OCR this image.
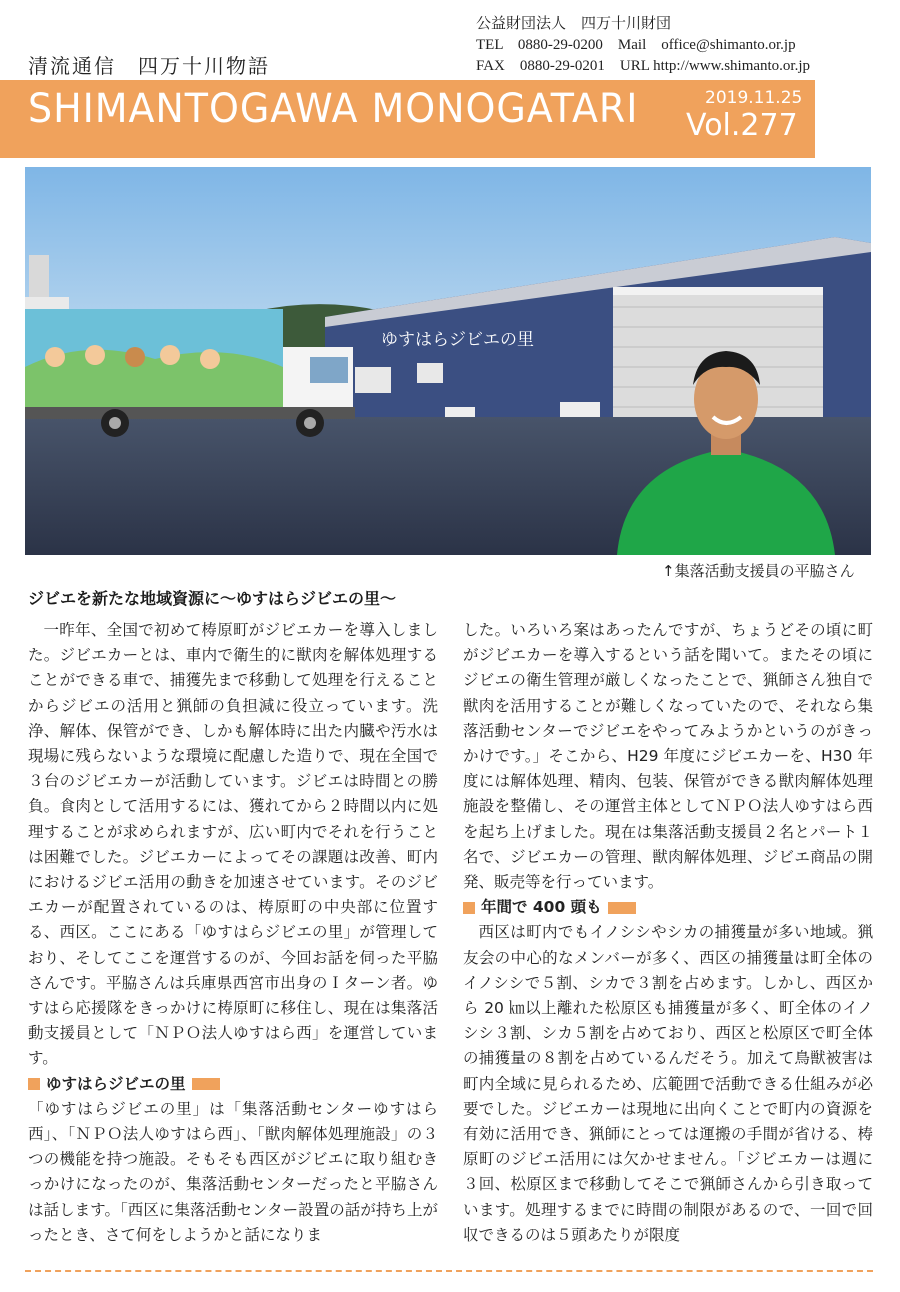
清流通信　四万十川物語
公益財団法人　四万十川財団
TEL　0880-29-0200　Mail　office@shimanto.or.jp
FAX　0880-29-0201　URL http://www.shimanto.or.jp
SHIMANTOGAWA MONOGATARI	2019.11.25
Vol.277
ゆすはらジビエの里
↑集落活動支援員の平脇さん
ジビエを新たな地域資源に～ゆすはらジビエの里～

一昨年、全国で初めて梼原町がジビエカーを導入しました。ジビエカーとは、車内で衛生的に獣肉を解体処理することができる車で、捕獲先まで移動して処理を行えることからジビエの活用と猟師の負担減に役立っています。洗浄、解体、保管ができ、しかも解体時に出た内臓や汚水は現場に残らないような環境に配慮した造りで、現在全国で３台のジビエカーが活動しています。ジビエは時間との勝負。食肉として活用するには、獲れてから２時間以内に処理することが求められますが、広い町内でそれを行うことは困難でした。ジビエカーによってその課題は改善、町内におけるジビエ活用の動きを加速させています。そのジビエカーが配置されているのは、梼原町の中央部に位置する、西区。ここにある「ゆすはらジビエの里」が管理しており、そしてここを運営するのが、今回お話を伺った平脇さんです。平脇さんは兵庫県西宮市出身のＩターン者。ゆすはら応援隊をきっかけに梼原町に移住し、現在は集落活動支援員として「ＮＰＯ法人ゆすはら西」を運営しています。

ゆすはらジビエの里

「ゆすはらジビエの里」は「集落活動センターゆすはら西」、「ＮＰＯ法人ゆすはら西」、「獣肉解体処理施設」の３つの機能を持つ施設。そもそも西区がジビエに取り組むきっかけになったのが、集落活動センターだったと平脇さんは話します。「西区に集落活動センター設置の話が持ち上がったとき、さて何をしようかと話になりま

した。いろいろ案はあったんですが、ちょうどその頃に町がジビエカーを導入するという話を聞いて。またその頃にジビエの衛生管理が厳しくなったことで、猟師さん独自で獣肉を活用することが難しくなっていたので、それなら集落活動センターでジビエをやってみようかというのがきっかけです。」そこから、H29 年度にジビエカーを、H30 年度には解体処理、精肉、包装、保管ができる獣肉解体処理施設を整備し、その運営主体としてＮＰＯ法人ゆすはら西を起ち上げました。現在は集落活動支援員２名とパート１名で、ジビエカーの管理、獣肉解体処理、ジビエ商品の開発、販売等を行っています。

年間で 400 頭も

西区は町内でもイノシシやシカの捕獲量が多い地域。猟友会の中心的なメンバーが多く、西区の捕獲量は町全体のイノシシで５割、シカで３割を占めます。しかし、西区から 20 ㎞以上離れた松原区も捕獲量が多く、町全体のイノシシ３割、シカ５割を占めており、西区と松原区で町全体の捕獲量の８割を占めているんだそう。加えて鳥獣被害は町内全域に見られるため、広範囲で活動できる仕組みが必要でした。ジビエカーは現地に出向くことで町内の資源を有効に活用でき、猟師にとっては運搬の手間が省ける、梼原町のジビエ活用には欠かせません。「ジビエカーは週に３回、松原区まで移動してそこで猟師さんから引き取っています。処理するまでに時間の制限があるので、一回で回収できるのは５頭あたりが限度
